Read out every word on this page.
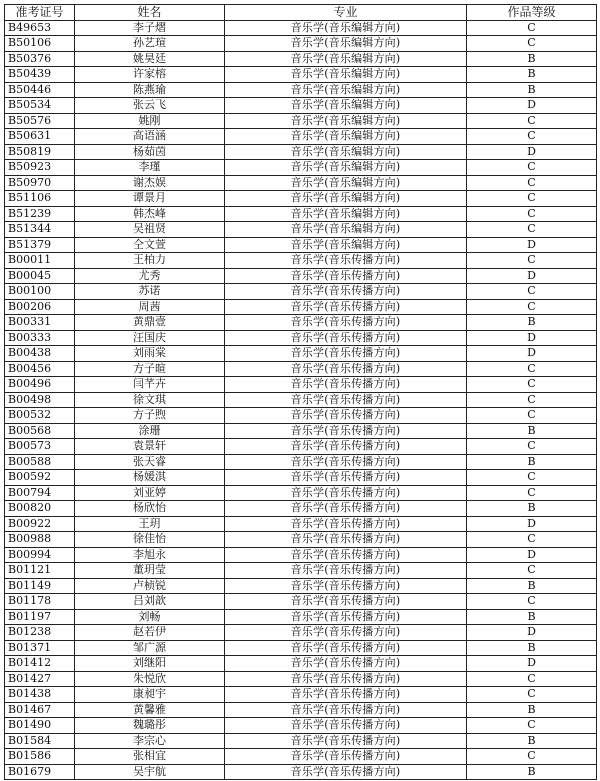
准考证号	姓名	专业	作品等级
B49653	李子熠	音乐学(音乐编辑方向)	C
B50106	孙艺瑄	音乐学(音乐编辑方向)	C
B50376	姚昊廷	音乐学(音乐编辑方向)	B
B50439	许家榕	音乐学(音乐编辑方向)	B
B50446	陈燕瑜	音乐学(音乐编辑方向)	B
B50534	张云飞	音乐学(音乐编辑方向)	D
B50576	姚刚	音乐学(音乐编辑方向)	C
B50631	高语涵	音乐学(音乐编辑方向)	C
B50819	杨茹茵	音乐学(音乐编辑方向)	D
B50923	李瑾	音乐学(音乐编辑方向)	C
B50970	谢杰娱	音乐学(音乐编辑方向)	C
B51106	谭景月	音乐学(音乐编辑方向)	C
B51239	韩杰峰	音乐学(音乐编辑方向)	C
B51344	吴祖贤	音乐学(音乐编辑方向)	C
B51379	仝文萱	音乐学(音乐编辑方向)	D
B00011	王柏力	音乐学(音乐传播方向)	C
B00045	尤秀	音乐学(音乐传播方向)	D
B00100	苏诺	音乐学(音乐传播方向)	C
B00206	周茜	音乐学(音乐传播方向)	C
B00331	黄鼎壹	音乐学(音乐传播方向)	B
B00333	汪国庆	音乐学(音乐传播方向)	D
B00438	刘雨棠	音乐学(音乐传播方向)	D
B00456	方子暄	音乐学(音乐传播方向)	C
B00496	闫芊卉	音乐学(音乐传播方向)	C
B00498	徐文琪	音乐学(音乐传播方向)	C
B00532	方子煦	音乐学(音乐传播方向)	C
B00568	涂珊	音乐学(音乐传播方向)	B
B00573	袁景轩	音乐学(音乐传播方向)	C
B00588	张天睿	音乐学(音乐传播方向)	B
B00592	杨媛淇	音乐学(音乐传播方向)	C
B00794	刘亚婷	音乐学(音乐传播方向)	C
B00820	杨欣怡	音乐学(音乐传播方向)	B
B00922	王玥	音乐学(音乐传播方向)	D
B00988	徐佳怡	音乐学(音乐传播方向)	C
B00994	李旭永	音乐学(音乐传播方向)	D
B01121	董玥莹	音乐学(音乐传播方向)	C
B01149	卢桢锐	音乐学(音乐传播方向)	B
B01178	吕刘歆	音乐学(音乐传播方向)	C
B01197	刘畅	音乐学(音乐传播方向)	B
B01238	赵若伊	音乐学(音乐传播方向)	D
B01371	邹广源	音乐学(音乐传播方向)	B
B01412	刘继阳	音乐学(音乐传播方向)	D
B01427	朱悦欣	音乐学(音乐传播方向)	C
B01438	康昶宇	音乐学(音乐传播方向)	C
B01467	黄馨雅	音乐学(音乐传播方向)	B
B01490	魏璐彤	音乐学(音乐传播方向)	C
B01584	李宗心	音乐学(音乐传播方向)	B
B01586	张相宜	音乐学(音乐传播方向)	C
B01679	吴宇航	音乐学(音乐传播方向)	B
